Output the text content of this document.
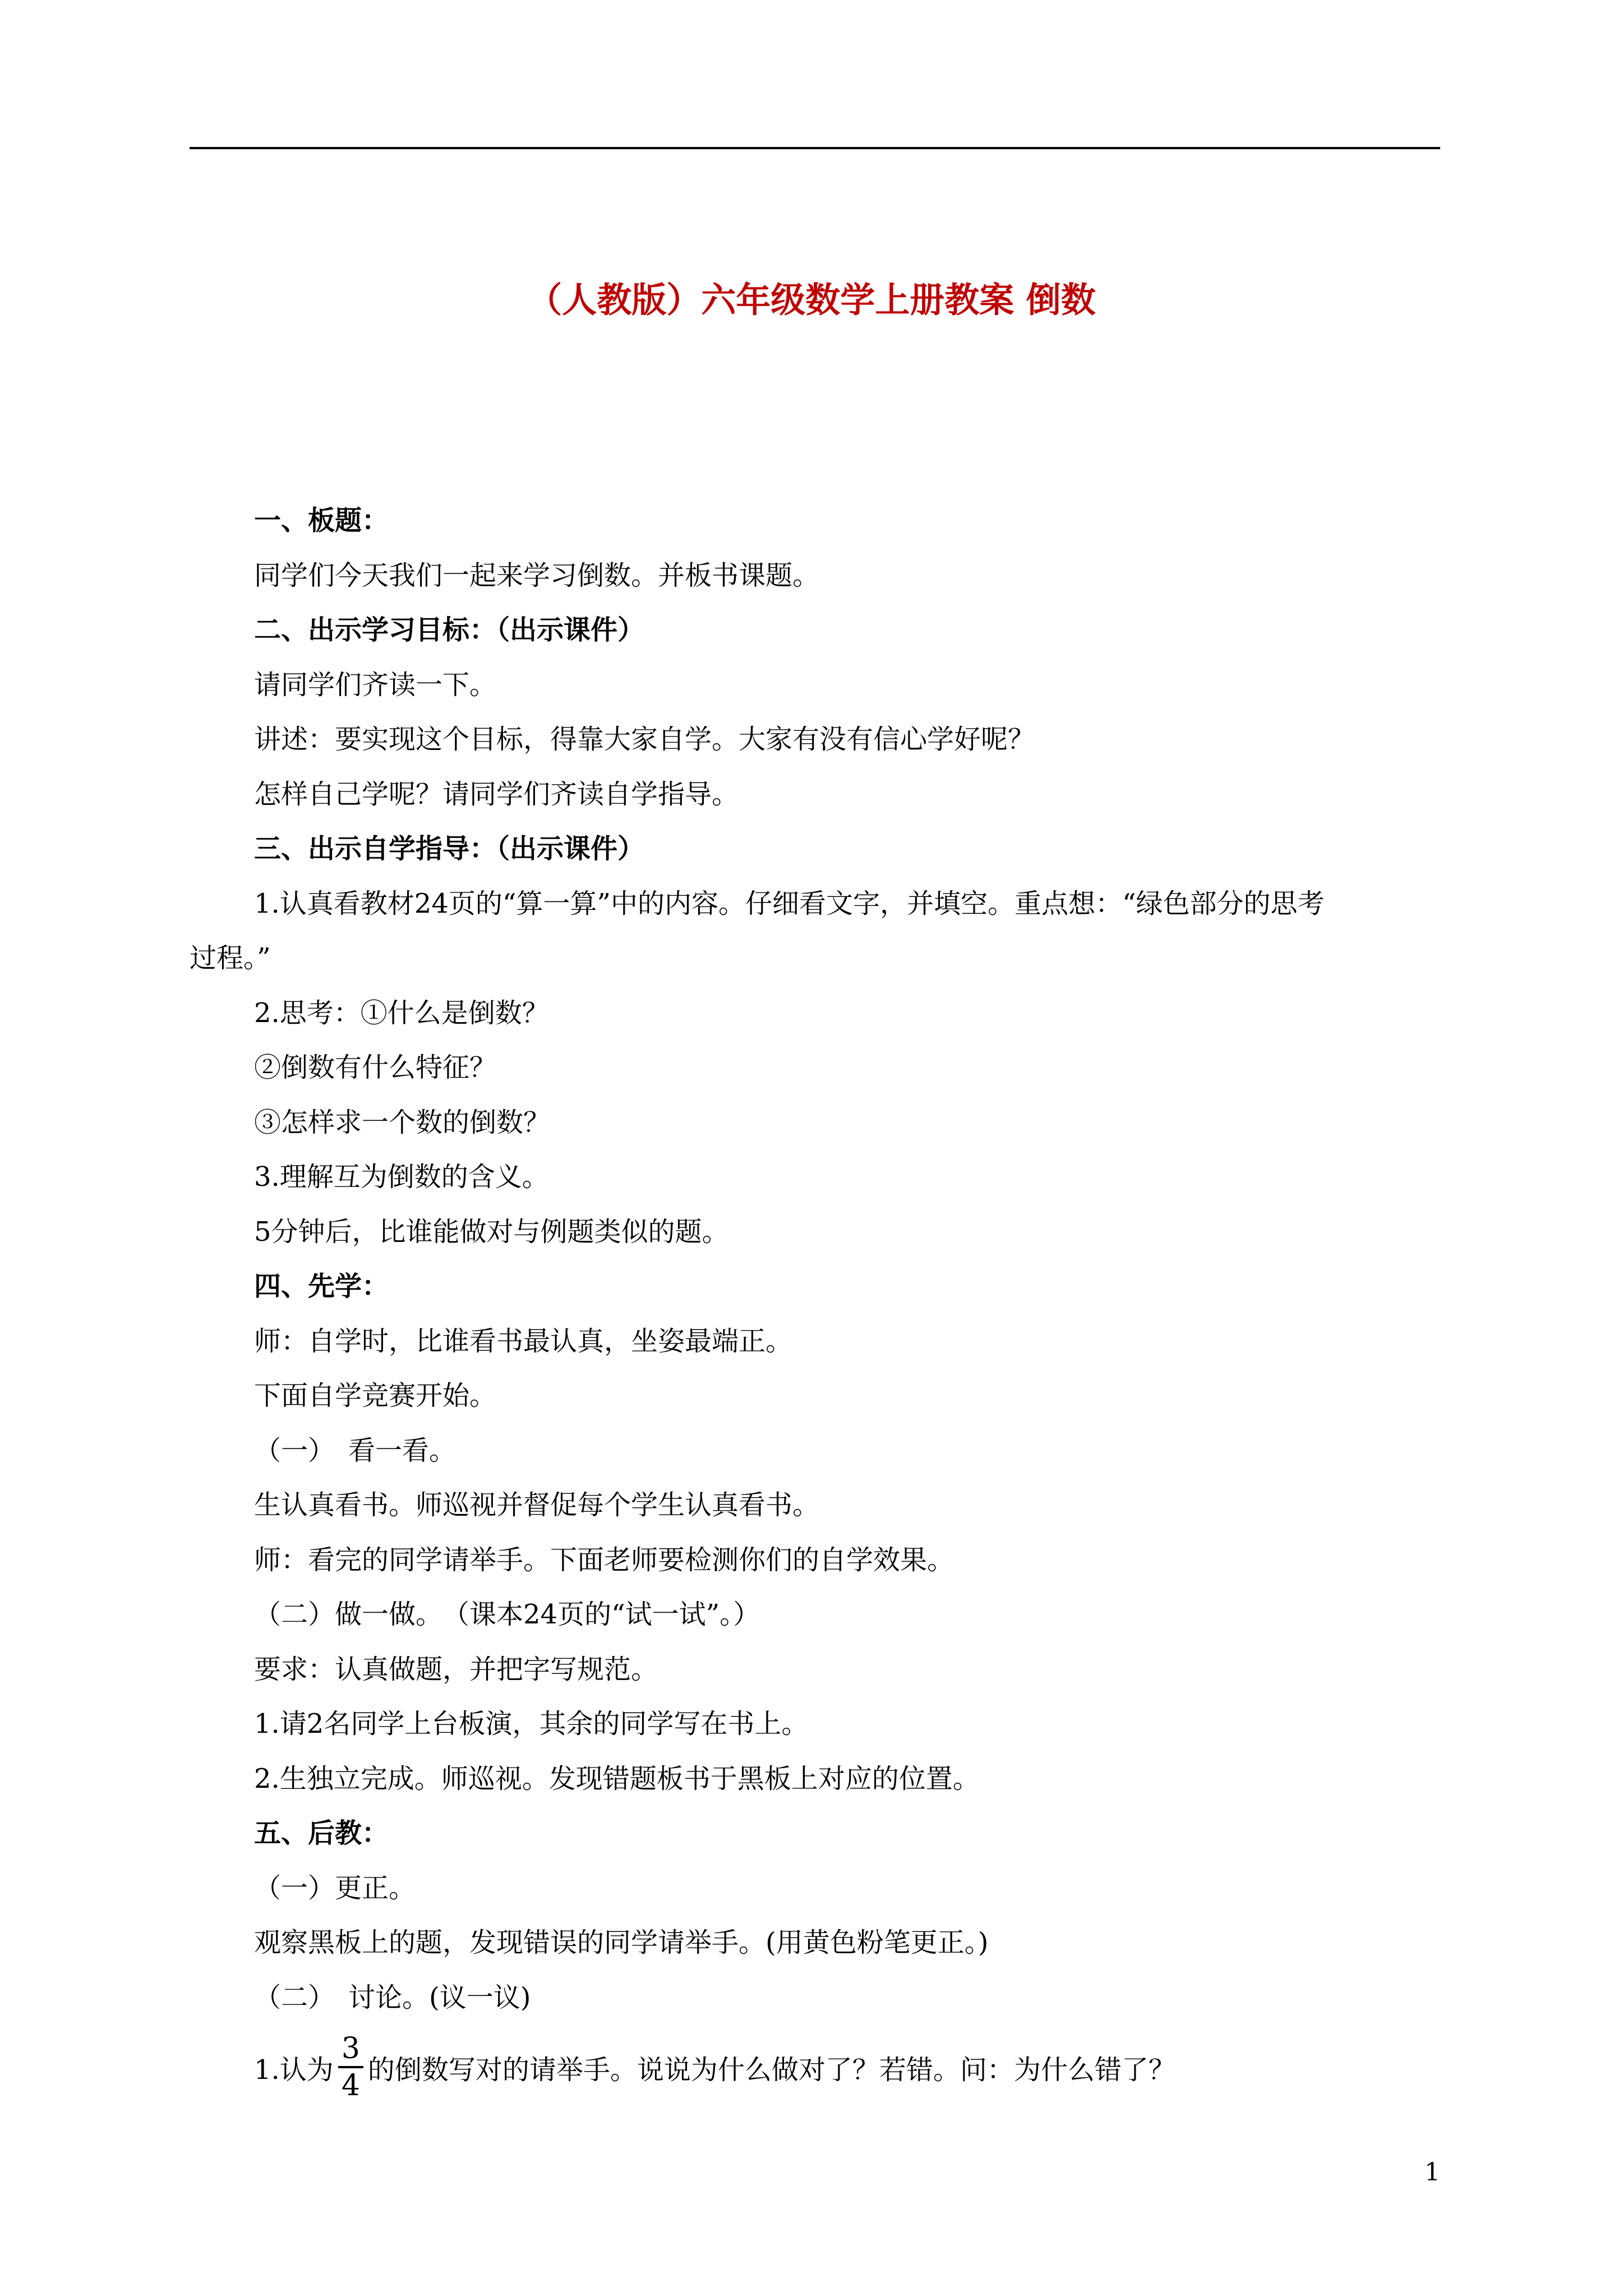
（人教版）六年级数学上册教案 倒数
一、板题：
同学们今天我们一起来学习倒数。并板书课题。
二、出示学习目标：（出示课件）
请同学们齐读一下。
讲述：要实现这个目标，得靠大家自学。大家有没有信心学好呢？
怎样自己学呢？请同学们齐读自学指导。
三、出示自学指导：（出示课件）
1.认真看教材24页的“算一算”中的内容。仔细看文字，并填空。重点想：“绿色部分的思考
过程。”
2.思考：①什么是倒数？
②倒数有什么特征？
③怎样求一个数的倒数？
3.理解互为倒数的含义。
5分钟后，比谁能做对与例题类似的题。
四、先学：
师：自学时，比谁看书最认真，坐姿最端正。
下面自学竞赛开始。
（一）　看一看。
生认真看书。师巡视并督促每个学生认真看书。
师：看完的同学请举手。下面老师要检测你们的自学效果。
（二）做一做。　（课本24页的“试一试”。）
要求：认真做题，并把字写规范。
1.请2名同学上台板演，其余的同学写在书上。
2.生独立完成。师巡视。发现错题板书于黑板上对应的位置。
五、后教：
（一）更正。
观察黑板上的题，发现错误的同学请举手。(用黄色粉笔更正。)
（二）　讨论。(议一议)
1.认为 $\frac{3}{4}$ 的倒数写对的请举手。说说为什么做对了？若错。问：为什么错了？
1
